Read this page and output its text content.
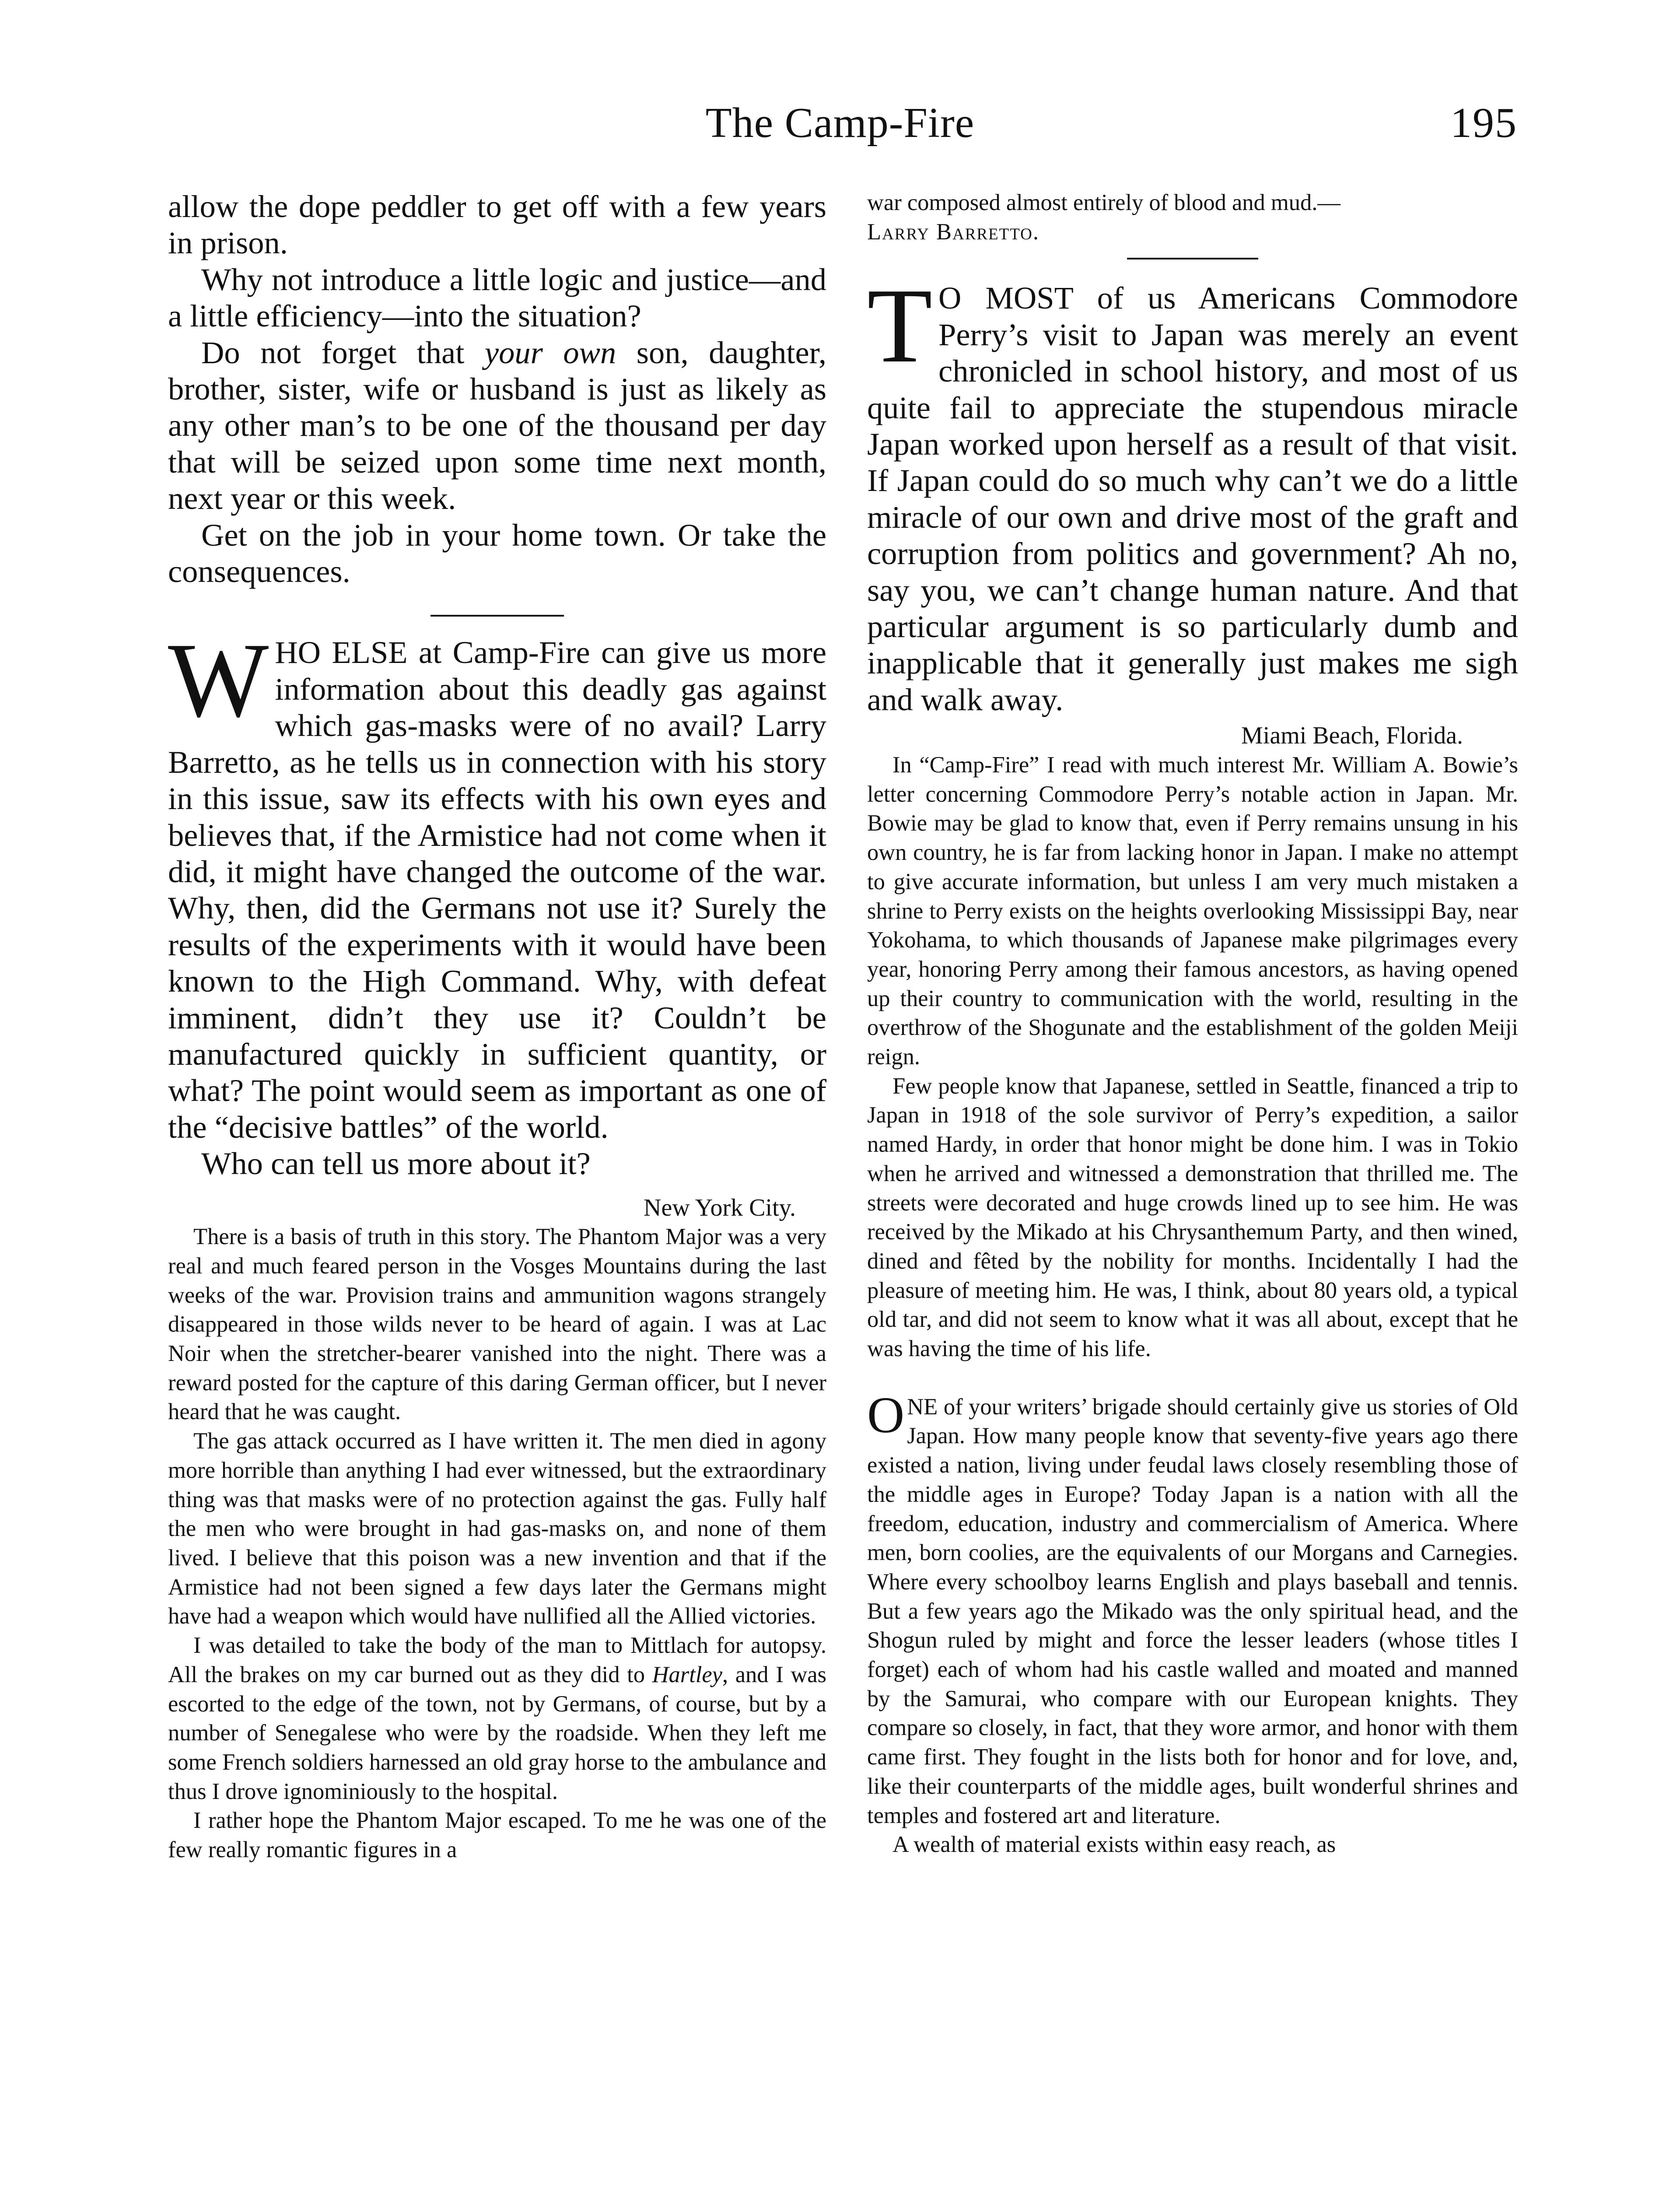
The Camp-Fire	195

allow the dope peddler to get off with a few years in prison.

Why not introduce a little logic and justice—and a little efficiency—into the situation?

Do not forget that your own son, daughter, brother, sister, wife or husband is just as likely as any other man’s to be one of the thousand per day that will be seized upon some time next month, next year or this week.

Get on the job in your home town. Or take the consequences.

WHO ELSE at Camp-Fire can give us more information about this deadly gas against which gas-masks were of no avail? Larry Barretto, as he tells us in connection with his story in this issue, saw its effects with his own eyes and believes that, if the Armistice had not come when it did, it might have changed the outcome of the war. Why, then, did the Germans not use it? Surely the results of the experiments with it would have been known to the High Command. Why, with defeat imminent, didn’t they use it? Couldn’t be manufactured quickly in sufficient quantity, or what? The point would seem as important as one of the “decisive battles” of the world.

Who can tell us more about it?

New York City.

There is a basis of truth in this story. The Phantom Major was a very real and much feared person in the Vosges Mountains during the last weeks of the war. Provision trains and ammunition wagons strangely disappeared in those wilds never to be heard of again. I was at Lac Noir when the stretcher-bearer vanished into the night. There was a reward posted for the capture of this daring German officer, but I never heard that he was caught.

The gas attack occurred as I have written it. The men died in agony more horrible than anything I had ever witnessed, but the extraordinary thing was that masks were of no protection against the gas. Fully half the men who were brought in had gas-masks on, and none of them lived. I believe that this poison was a new invention and that if the Armistice had not been signed a few days later the Germans might have had a weapon which would have nullified all the Allied victories.

I was detailed to take the body of the man to Mittlach for autopsy. All the brakes on my car burned out as they did to Hartley, and I was escorted to the edge of the town, not by Germans, of course, but by a number of Senegalese who were by the roadside. When they left me some French soldiers harnessed an old gray horse to the ambulance and thus I drove ignominiously to the hospital.

I rather hope the Phantom Major escaped. To me he was one of the few really romantic figures in a

war composed almost entirely of blood and mud.—

Larry Barretto.

T O MOST of us Americans Commodore Perry’s visit to Japan was merely an event chronicled in school history, and most of us quite fail to appreciate the stupendous miracle Japan worked upon herself as a result of that visit. If Japan could do so much why can’t we do a little miracle of our own and drive most of the graft and corruption from politics and government? Ah no, say you, we can’t change human nature. And that particular argument is so particularly dumb and inapplicable that it generally just makes me sigh and walk away.

Miami Beach, Florida.

In “Camp-Fire” I read with much interest Mr. William A. Bowie’s letter concerning Commodore Perry’s notable action in Japan. Mr. Bowie may be glad to know that, even if Perry remains unsung in his own country, he is far from lacking honor in Japan. I make no attempt to give accurate information, but unless I am very much mistaken a shrine to Perry exists on the heights overlooking Mississippi Bay, near Yokohama, to which thousands of Japanese make pilgrimages every year, honoring Perry among their famous ancestors, as having opened up their country to communication with the world, resulting in the overthrow of the Shogunate and the establishment of the golden Meiji reign.

Few people know that Japanese, settled in Seattle, financed a trip to Japan in 1918 of the sole survivor of Perry’s expedition, a sailor named Hardy, in order that honor might be done him. I was in Tokio when he arrived and witnessed a demonstration that thrilled me. The streets were decorated and huge crowds lined up to see him. He was received by the Mikado at his Chrysanthemum Party, and then wined, dined and fêted by the nobility for months. Incidentally I had the pleasure of meeting him. He was, I think, about 80 years old, a typical old tar, and did not seem to know what it was all about, except that he was having the time of his life.

ONE of your writers’ brigade should certainly give us stories of Old Japan. How many people know that seventy-five years ago there existed a nation, living under feudal laws closely resembling those of the middle ages in Europe? Today Japan is a nation with all the freedom, education, industry and commercialism of America. Where men, born coolies, are the equivalents of our Morgans and Carnegies. Where every schoolboy learns English and plays baseball and tennis. But a few years ago the Mikado was the only spiritual head, and the Shogun ruled by might and force the lesser leaders (whose titles I forget) each of whom had his castle walled and moated and manned by the Samurai, who compare with our European knights. They compare so closely, in fact, that they wore armor, and honor with them came first. They fought in the lists both for honor and for love, and, like their counterparts of the middle ages, built wonderful shrines and temples and fostered art and literature.

A wealth of material exists within easy reach, as
